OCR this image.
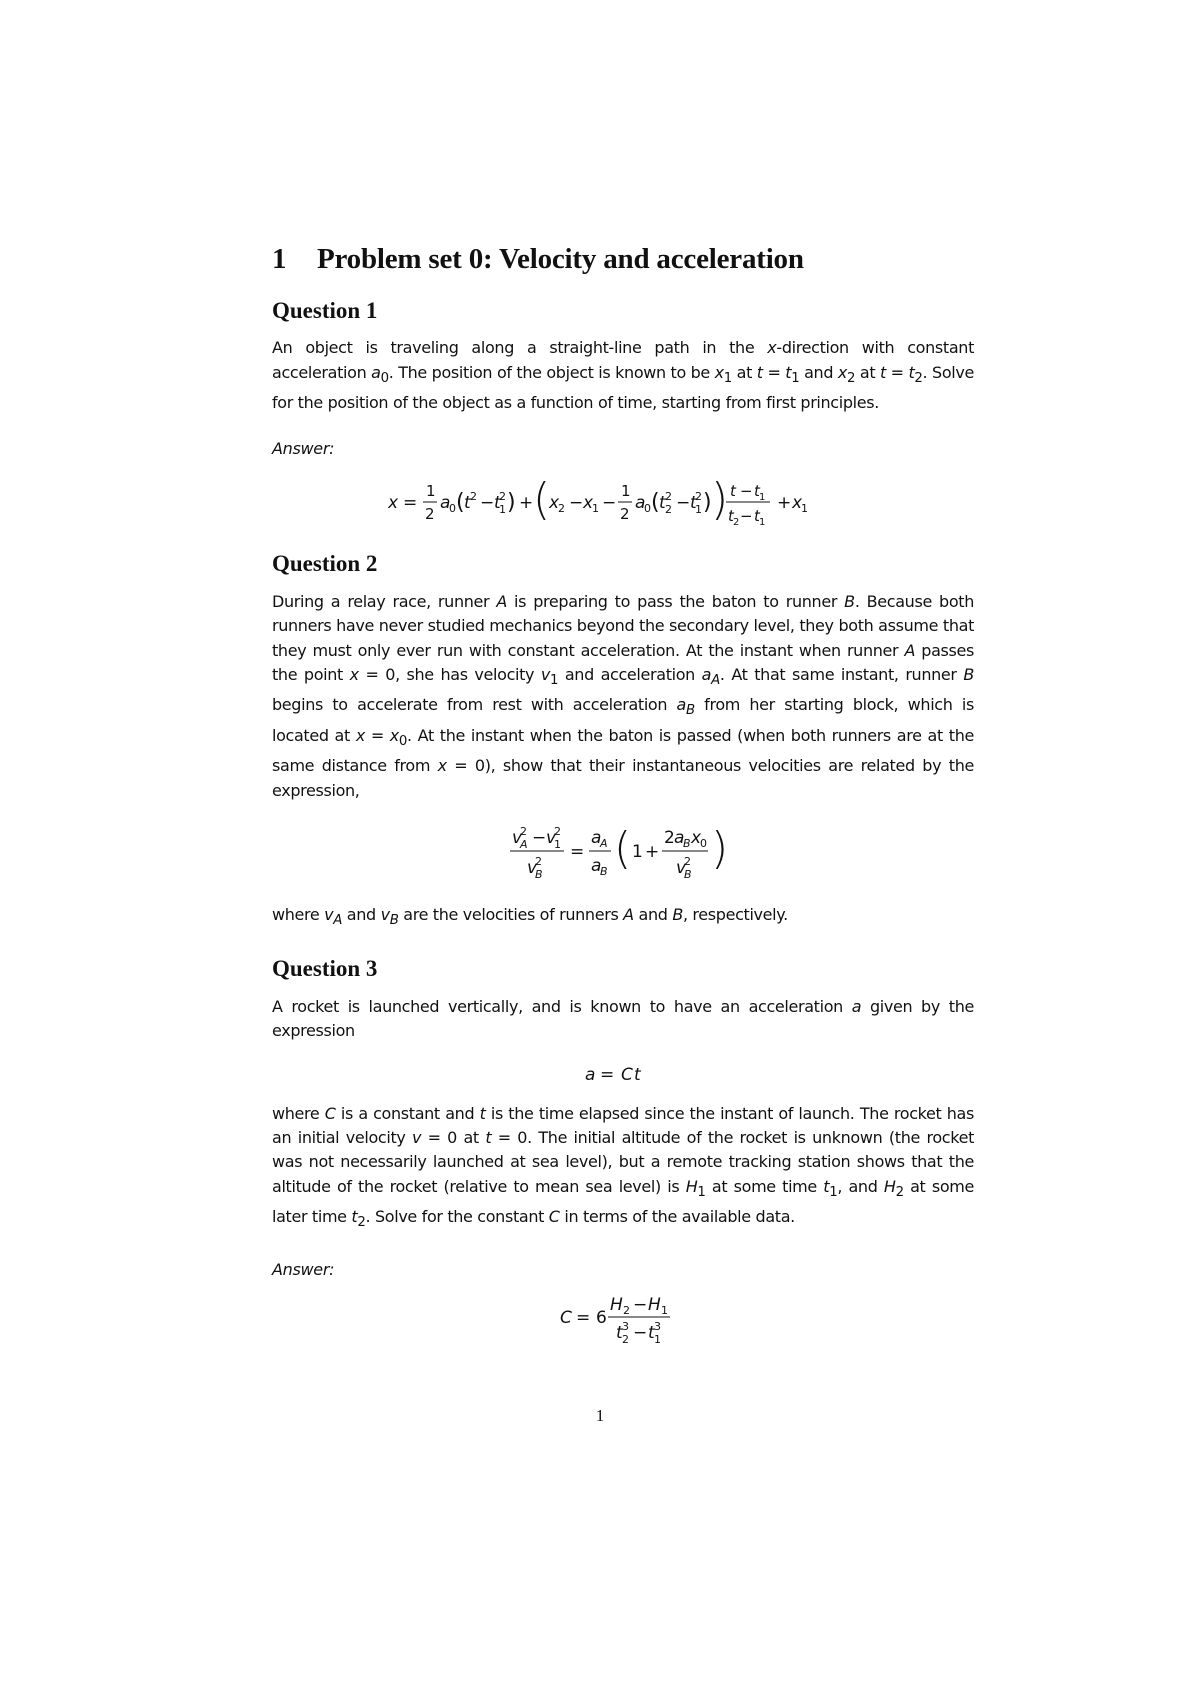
1 Problem set 0: Velocity and acceleration
Question 1

An object is traveling along a straight-line path in the x-direction with constant acceleration $a_0$. The position of the object is known to be $x_1$ at $t = t_1$ and $x_2$ at $t = t_2$. Solve for the position of the object as a function of time, starting from first principles.

Answer:
x =
1
2
a
0 ( t 2 − t
2
1 ) + (
x
2 − x
1 −
1
2
a
0 ( t 2
2 − t
2
1 ) ) t − t 1
t 2 − t 1
+ x
1
Question 2

During a relay race, runner A is preparing to pass the baton to runner B. Because both runners have never studied mechanics beyond the secondary level, they both assume that they must only ever run with constant acceleration. At the instant when runner A passes the point x = 0, she has velocity $v_1$ and acceleration $a_A$. At that same instant, runner B begins to accelerate from rest with acceleration $a_B$ from her starting block, which is located at $x = x_0$. At the instant when the baton is passed (when both runners are at the same distance from x = 0), show that their instantaneous velocities are related by the expression,

v
2
A − v
2
1
v
2
B
=
a
A
a
B ( 1 +
2 a
B x
0
v
2
B
)

where $v_A$ and $v_B$ are the velocities of runners A and B, respectively.

Question 3

A rocket is launched vertically, and is known to have an acceleration a given by the expression

a = C t

where C is a constant and t is the time elapsed since the instant of launch. The rocket has an initial velocity v = 0 at t = 0. The initial altitude of the rocket is unknown (the rocket was not necessarily launched at sea level), but a remote tracking station shows that the altitude of the rocket (relative to mean sea level) is $H_1$ at some time $t_1$, and $H_2$ at some later time $t_2$. Solve for the constant C in terms of the available data.

Answer:
C = 6
H 2 − H 1
t 3
2 − t 3
1
1
